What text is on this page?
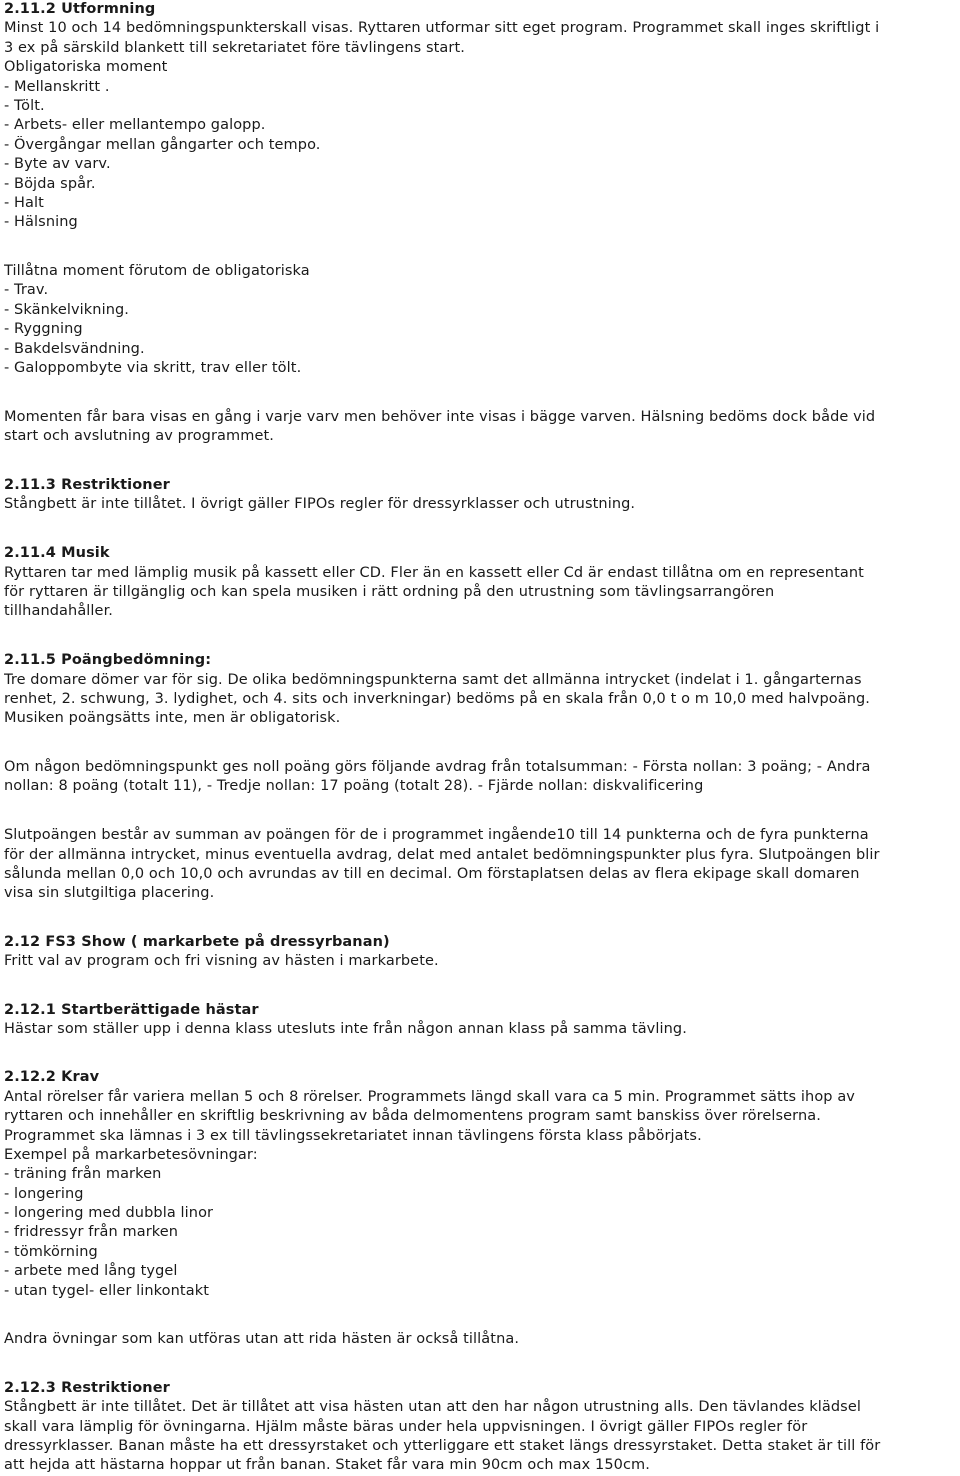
2.11.2 Utformning
Minst 10 och 14 bedömningspunkterskall visas. Ryttaren utformar sitt eget program. Programmet skall inges skriftligt i
3 ex på särskild blankett till sekretariatet före tävlingens start.
Obligatoriska moment
- Mellanskritt .
- Tölt.
- Arbets- eller mellantempo galopp.
- Övergångar mellan gångarter och tempo.
- Byte av varv.
- Böjda spår.
- Halt
- Hälsning
Tillåtna moment förutom de obligatoriska
- Trav.
- Skänkelvikning.
- Ryggning
- Bakdelsvändning.
- Galoppombyte via skritt, trav eller tölt.
Momenten får bara visas en gång i varje varv men behöver inte visas i bägge varven. Hälsning bedöms dock både vid
start och avslutning av programmet.
2.11.3 Restriktioner
Stångbett är inte tillåtet. I övrigt gäller FIPOs regler för dressyrklasser och utrustning.
2.11.4 Musik
Ryttaren tar med lämplig musik på kassett eller CD. Fler än en kassett eller Cd är endast tillåtna om en representant
för ryttaren är tillgänglig och kan spela musiken i rätt ordning på den utrustning som tävlingsarrangören
tillhandahåller.
2.11.5 Poängbedömning:
Tre domare dömer var för sig. De olika bedömningspunkterna samt det allmänna intrycket (indelat i 1. gångarternas
renhet, 2. schwung, 3. lydighet, och 4. sits och inverkningar) bedöms på en skala från 0,0 t o m 10,0 med halvpoäng.
Musiken poängsätts inte, men är obligatorisk.
Om någon bedömningspunkt ges noll poäng görs följande avdrag från totalsumman: - Första nollan: 3 poäng; - Andra
nollan: 8 poäng (totalt 11), - Tredje nollan: 17 poäng (totalt 28). - Fjärde nollan: diskvalificering
Slutpoängen består av summan av poängen för de i programmet ingående10 till 14 punkterna och de fyra punkterna
för der allmänna intrycket, minus eventuella avdrag, delat med antalet bedömningspunkter plus fyra. Slutpoängen blir
sålunda mellan 0,0 och 10,0 och avrundas av till en decimal. Om förstaplatsen delas av flera ekipage skall domaren
visa sin slutgiltiga placering.
2.12 FS3 Show ( markarbete på dressyrbanan)
Fritt val av program och fri visning av hästen i markarbete.
2.12.1 Startberättigade hästar
Hästar som ställer upp i denna klass utesluts inte från någon annan klass på samma tävling.
2.12.2 Krav
Antal rörelser får variera mellan 5 och 8 rörelser. Programmets längd skall vara ca 5 min. Programmet sätts ihop av
ryttaren och innehåller en skriftlig beskrivning av båda delmomentens program samt banskiss över rörelserna.
Programmet ska lämnas i 3 ex till tävlingssekretariatet innan tävlingens första klass påbörjats.
Exempel på markarbetesövningar:
- träning från marken
- longering
- longering med dubbla linor
- fridressyr från marken
- tömkörning
- arbete med lång tygel
- utan tygel- eller linkontakt
Andra övningar som kan utföras utan att rida hästen är också tillåtna.
2.12.3 Restriktioner
Stångbett är inte tillåtet. Det är tillåtet att visa hästen utan att den har någon utrustning alls. Den tävlandes klädsel
skall vara lämplig för övningarna. Hjälm måste bäras under hela uppvisningen. I övrigt gäller FIPOs regler för
dressyrklasser. Banan måste ha ett dressyrstaket och ytterliggare ett staket längs dressyrstaket. Detta staket är till för
att hejda att hästarna hoppar ut från banan. Staket får vara min 90cm och max 150cm.
